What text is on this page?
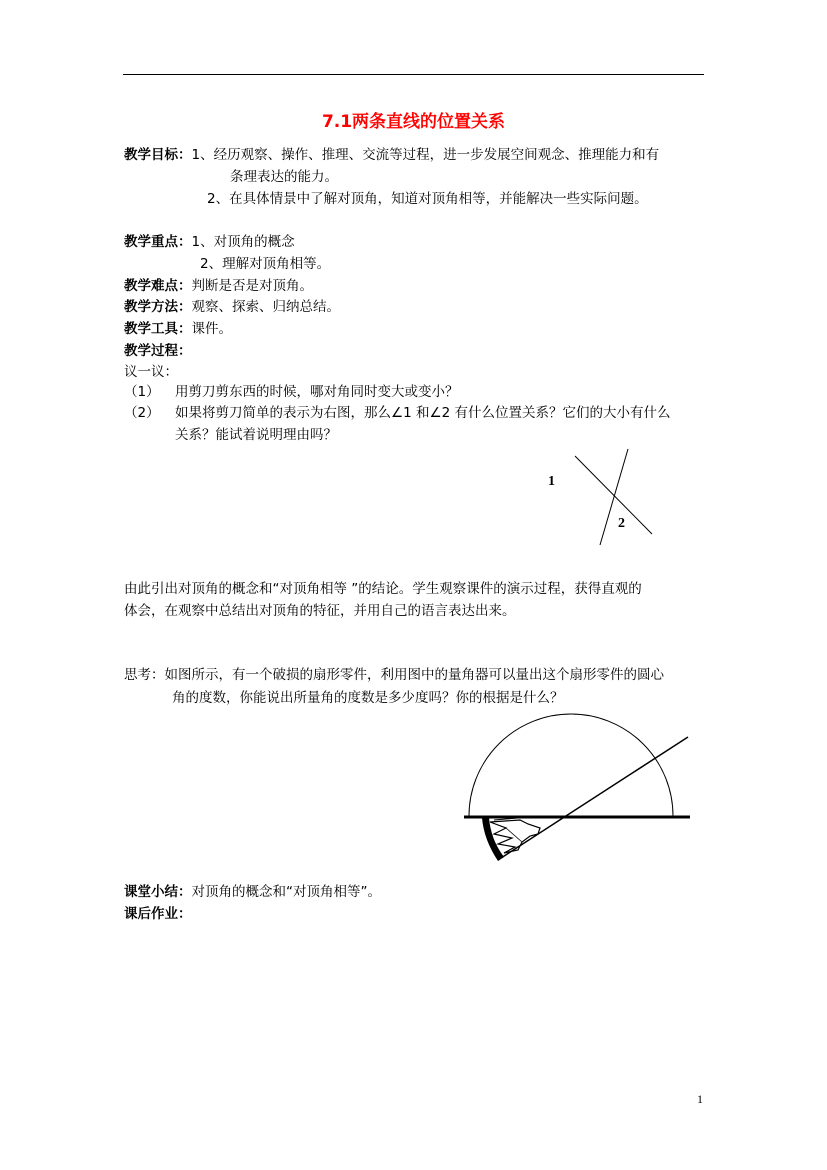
7.1两条直线的位置关系
教学目标：1、经历观察、操作、推理、交流等过程，进一步发展空间观念、推理能力和有
条理表达的能力。
2、在具体情景中了解对顶角，知道对顶角相等，并能解决一些实际问题。
教学重点：1、对顶角的概念
2、理解对顶角相等。
教学难点：判断是否是对顶角。
教学方法：观察、探索、归纳总结。
教学工具：课件。
教学过程：
议一议：
（1） 用剪刀剪东西的时候，哪对角同时变大或变小？
（2） 如果将剪刀简单的表示为右图，那么∠1 和∠2 有什么位置关系？它们的大小有什么
关系？能试着说明理由吗？
1
2
由此引出对顶角的概念和“对顶角相等 ”的结论。学生观察课件的演示过程，获得直观的
体会，在观察中总结出对顶角的特征，并用自己的语言表达出来。
思考：如图所示，有一个破损的扇形零件，利用图中的量角器可以量出这个扇形零件的圆心
角的度数，你能说出所量角的度数是多少度吗？你的根据是什么？
课堂小结：对顶角的概念和“对顶角相等”。
课后作业：
1
